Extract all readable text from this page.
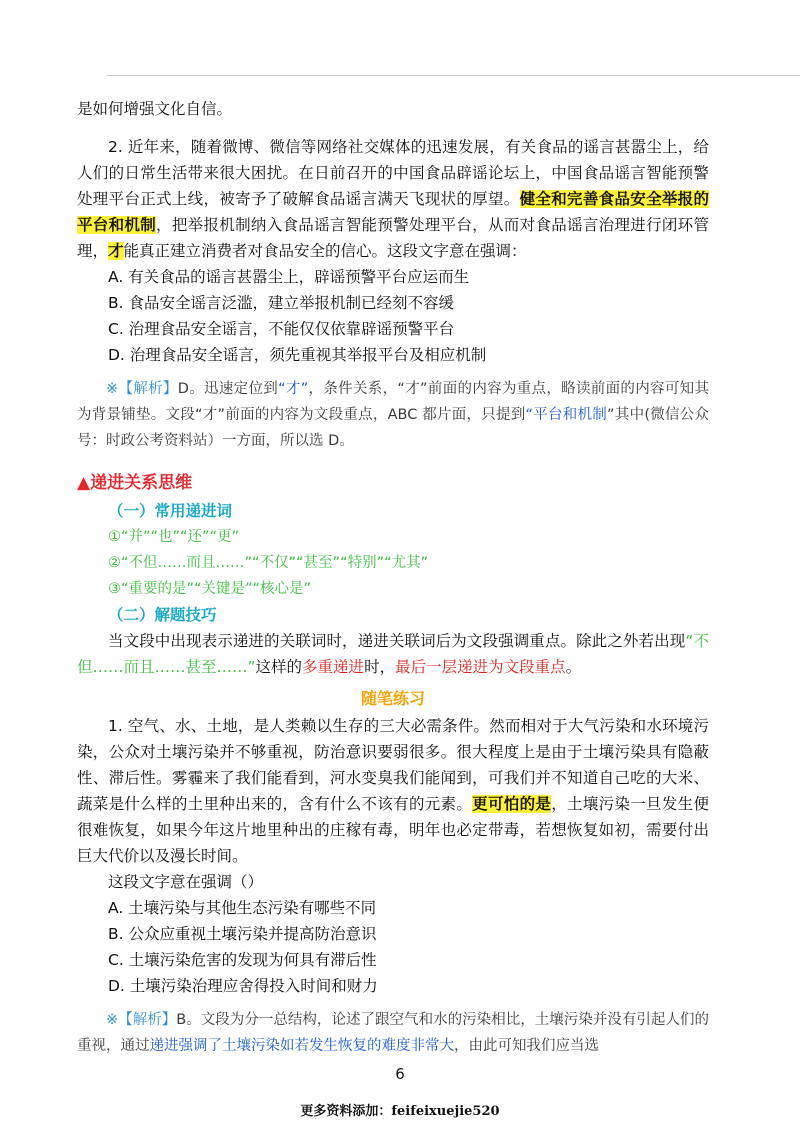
是如何增强文化自信。

2. 近年来，随着微博、微信等网络社交媒体的迅速发展，有关食品的谣言甚嚣尘上，给人们的日常生活带来很大困扰。在日前召开的中国食品辟谣论坛上，中国食品谣言智能预警处理平台正式上线，被寄予了破解食品谣言满天飞现状的厚望。健全和完善食品安全举报的平台和机制，把举报机制纳入食品谣言智能预警处理平台，从而对食品谣言治理进行闭环管理，才能真正建立消费者对食品安全的信心。这段文字意在强调：

A. 有关食品的谣言甚嚣尘上，辟谣预警平台应运而生

B. 食品安全谣言泛滥，建立举报机制已经刻不容缓

C. 治理食品安全谣言，不能仅仅依靠辟谣预警平台

D. 治理食品安全谣言，须先重视其举报平台及相应机制

※【解析】D。迅速定位到“才”，条件关系，“才”前面的内容为重点，略读前面的内容可知其为背景铺垫。文段“才”前面的内容为文段重点，ABC 都片面，只提到“平台和机制”其中(微信公众号：时政公考资料站）一方面，所以选 D。

▲递进关系思维

（一）常用递进词

①“并”“也”“还”“更”

②“不但……而且……”“不仅”“甚至”“特别”“尤其”

③“重要的是”“关键是”“核心是”

（二）解题技巧

当文段中出现表示递进的关联词时，递进关联词后为文段强调重点。除此之外若出现“不但……而且……甚至……”这样的多重递进时，最后一层递进为文段重点。

随笔练习

1. 空气、水、土地，是人类赖以生存的三大必需条件。然而相对于大气污染和水环境污染，公众对土壤污染并不够重视，防治意识要弱很多。很大程度上是由于土壤污染具有隐蔽性、滞后性。雾霾来了我们能看到，河水变臭我们能闻到，可我们并不知道自己吃的大米、蔬菜是什么样的土里种出来的，含有什么不该有的元素。更可怕的是，土壤污染一旦发生便很难恢复，如果今年这片地里种出的庄稼有毒，明年也必定带毒，若想恢复如初，需要付出巨大代价以及漫长时间。

这段文字意在强调（）

A. 土壤污染与其他生态污染有哪些不同

B. 公众应重视土壤污染并提高防治意识

C. 土壤污染危害的发现为何具有滞后性

D. 土壤污染治理应舍得投入时间和财力

※【解析】B。文段为分一总结构，论述了跟空气和水的污染相比，土壤污染并没有引起人们的重视，通过递进强调了土壤污染如若发生恢复的难度非常大，由此可知我们应当选

6
更多资料添加：feifeixuejie520
